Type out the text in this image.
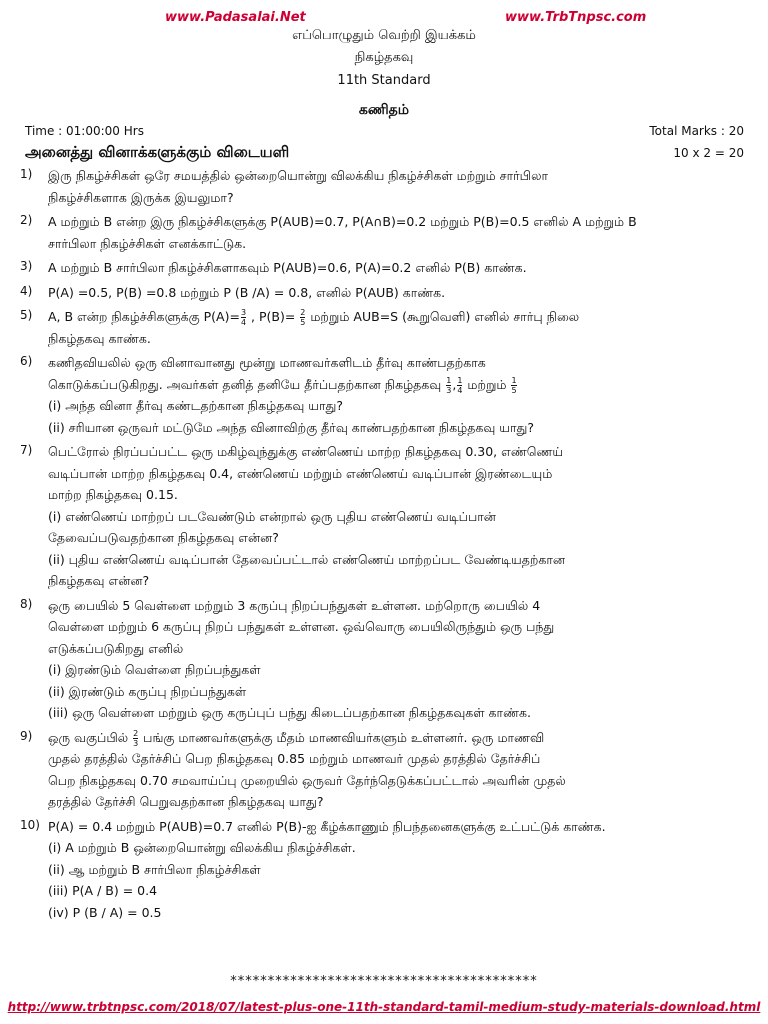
www.Padasalai.Net	www.TrbTnpsc.com
எப்பொழுதும் வெற்றி இயக்கம்
நிகழ்தகவு
11th Standard
கணிதம்
Time : 01:00:00 Hrs	Total Marks : 20
அனைத்து வினாக்களுக்கும் விடையளி	10 x 2 = 20
1)	இரு நிகழ்ச்சிகள் ஒரே சமயத்தில் ஒன்றையொன்று விலக்கிய நிகழ்ச்சிகள் மற்றும் சார்பிலா
நிகழ்ச்சிகளாக இருக்க இயலுமா?
2)	A மற்றும் B என்ற இரு நிகழ்ச்சிகளுக்கு P(AUB)=0.7, P(A∩B)=0.2 மற்றும் P(B)=0.5 எனில் A மற்றும் B
சார்பிலா நிகழ்ச்சிகள் எனக்காட்டுக.
3)	A மற்றும் B சார்பிலா நிகழ்ச்சிகளாகவும் P(AUB)=0.6, P(A)=0.2 எனில் P(B) காண்க.
4)	P(A) =0.5, P(B) =0.8 மற்றும் P (B /A) = 0.8, எனில் P(AUB) காண்க.
5)	A, B என்ற நிகழ்ச்சிகளுக்கு $P(A)= \frac{3}{4}$ , $P(B)= \frac{2}{5}$ மற்றும் AUB=S (கூறுவெளி) எனில் சார்பு நிலை
நிகழ்தகவு காண்க.
6)	கணிதவியலில் ஒரு வினாவானது மூன்று மாணவர்களிடம் தீர்வு காண்பதற்காக
கொடுக்கப்படுகிறது. அவர்கள் தனித் தனியே தீர்ப்பதற்கான நிகழ்தகவு $\frac{1}{3}$ , $\frac{1}{4}$ மற்றும் $\frac{1}{5}$
(i) அந்த வினா தீர்வு கண்டதற்கான நிகழ்தகவு யாது?
(ii) சரியான ஒருவர் மட்டுமே அந்த வினாவிற்கு தீர்வு காண்பதற்கான நிகழ்தகவு யாது?
7)	பெட்ரோல் நிரப்பப்பட்ட ஒரு மகிழ்வுந்துக்கு எண்ணெய் மாற்ற நிகழ்தகவு 0.30, எண்ணெய்
வடிப்பான் மாற்ற நிகழ்தகவு 0.4, எண்ணெய் மற்றும் எண்ணெய் வடிப்பான் இரண்டையும்
மாற்ற நிகழ்தகவு 0.15.
(i) எண்ணெய் மாற்றப் படவேண்டும் என்றால் ஒரு புதிய எண்ணெய் வடிப்பான்
தேவைப்படுவதற்கான நிகழ்தகவு என்ன?
(ii) புதிய எண்ணெய் வடிப்பான் தேவைப்பட்டால் எண்ணெய் மாற்றப்பட வேண்டியதற்கான
நிகழ்தகவு என்ன?
8)	ஒரு பையில் 5 வெள்ளை மற்றும் 3 கருப்பு நிறப்பந்துகள் உள்ளன. மற்றொரு பையில் 4
வெள்ளை மற்றும் 6 கருப்பு நிறப் பந்துகள் உள்ளன. ஒவ்வொரு பையிலிருந்தும் ஒரு பந்து
எடுக்கப்படுகிறது எனில்
(i) இரண்டும் வெள்ளை நிறப்பந்துகள்
(ii) இரண்டும் கருப்பு நிறப்பந்துகள்
(iii) ஒரு வெள்ளை மற்றும் ஒரு கருப்புப் பந்து கிடைப்பதற்கான நிகழ்தகவுகள் காண்க.
9)	ஒரு வகுப்பில் $\frac{2}{3}$ பங்கு மாணவர்களுக்கு மீதம் மாணவியர்களும் உள்ளனர். ஒரு மாணவி
முதல் தரத்தில் தேர்ச்சிப் பெற நிகழ்தகவு 0.85 மற்றும் மாணவர் முதல் தரத்தில் தேர்ச்சிப்
பெற நிகழ்தகவு 0.70 சமவாய்ப்பு முறையில் ஒருவர் தேர்ந்தெடுக்கப்பட்டால் அவரின் முதல்
தரத்தில் தேர்ச்சி பெறுவதற்கான நிகழ்தகவு யாது?
10) P(A) = 0.4 மற்றும் P(AUB)=0.7 எனில் P(B)-ஐ கீழ்க்காணும் நிபந்தனைகளுக்கு உட்பட்டுக் காண்க.
(i) A மற்றும் B ஒன்றையொன்று விலக்கிய நிகழ்ச்சிகள்.
(ii) ஆ மற்றும் B சார்பிலா நிகழ்ச்சிகள்
(iii) P(A / B) = 0.4
(iv) P (B / A) = 0.5
*****************************************
http://www.trbtnpsc.com/2018/07/latest-plus-one-11th-standard-tamil-medium-study-materials-download.html
